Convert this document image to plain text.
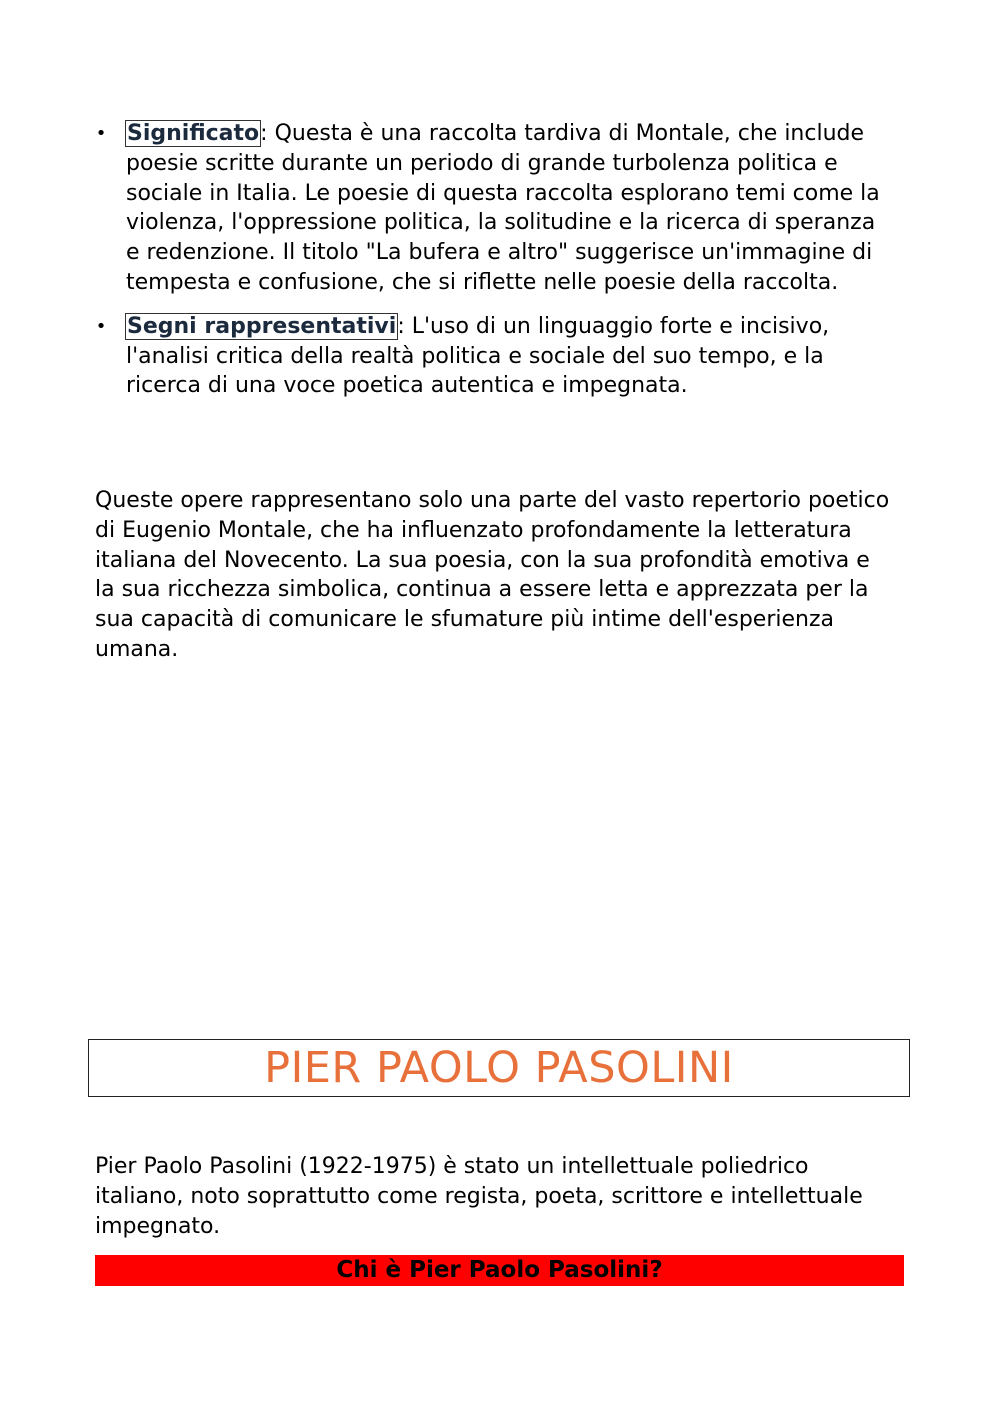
• Significato: Questa è una raccolta tardiva di Montale, che include poesie scritte durante un periodo di grande turbolenza politica e sociale in Italia. Le poesie di questa raccolta esplorano temi come la violenza, l'oppressione politica, la solitudine e la ricerca di speranza e redenzione. Il titolo "La bufera e altro" suggerisce un'immagine di tempesta e confusione, che si riflette nelle poesie della raccolta.
• Segni rappresentativi: L'uso di un linguaggio forte e incisivo, l'analisi critica della realtà politica e sociale del suo tempo, e la ricerca di una voce poetica autentica e impegnata.

Queste opere rappresentano solo una parte del vasto repertorio poetico di Eugenio Montale, che ha influenzato profondamente la letteratura italiana del Novecento. La sua poesia, con la sua profondità emotiva e la sua ricchezza simbolica, continua a essere letta e apprezzata per la sua capacità di comunicare le sfumature più intime dell'esperienza umana.

PIER PAOLO PASOLINI

Pier Paolo Pasolini (1922-1975) è stato un intellettuale poliedrico italiano, noto soprattutto come regista, poeta, scrittore e intellettuale impegnato.

Chi è Pier Paolo Pasolini?
